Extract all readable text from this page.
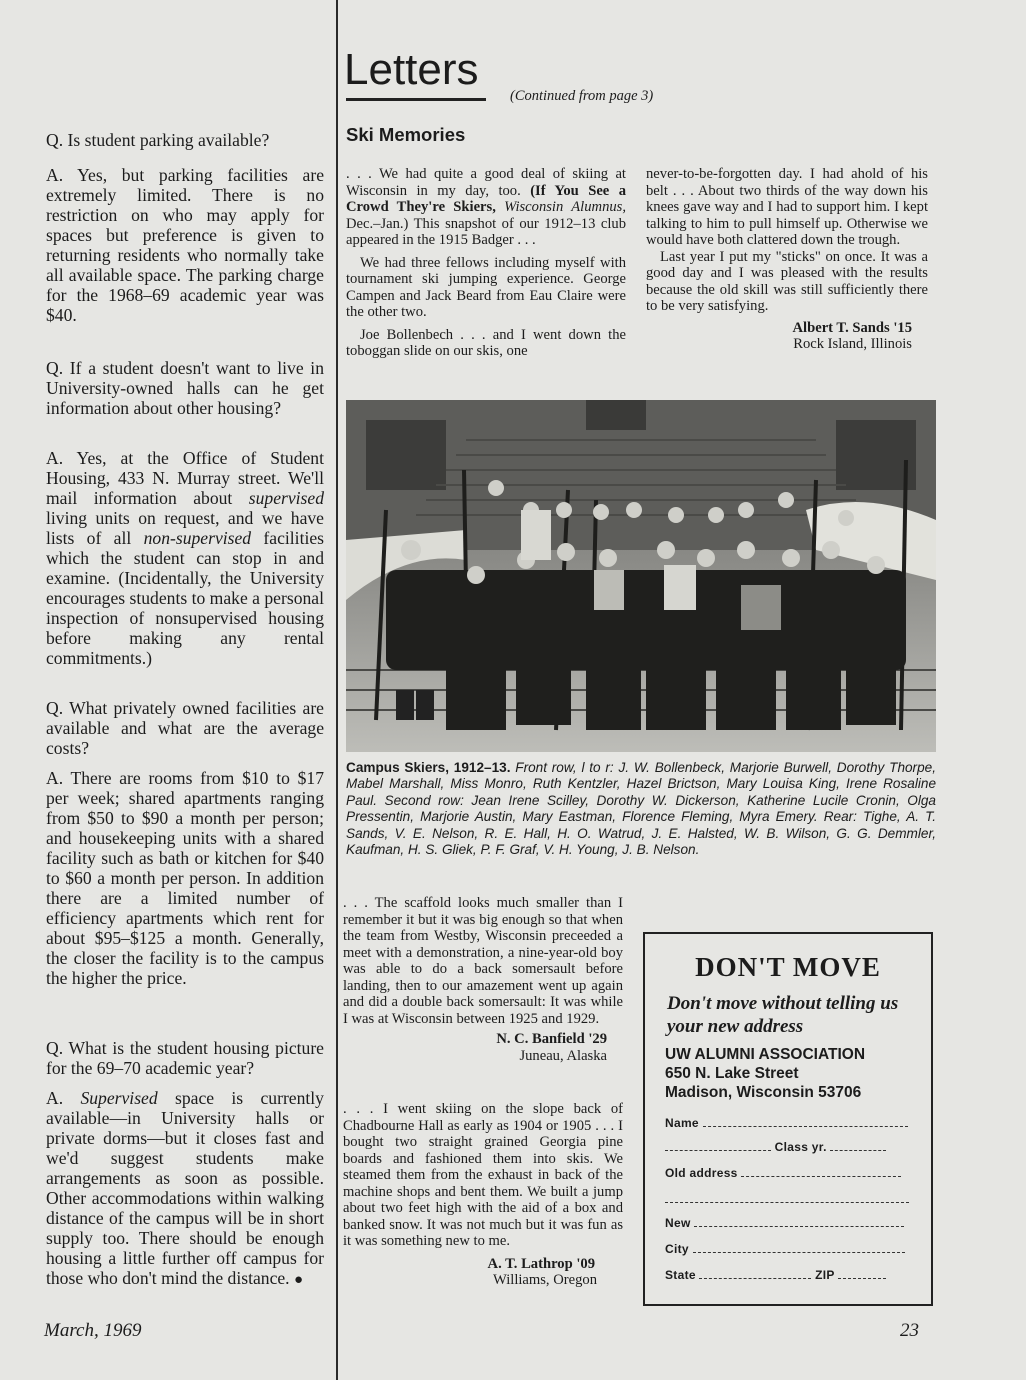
Letters
(Continued from page 3)
Ski Memories

Q. Is student parking available?

A. Yes, but parking facilities are extremely limited. There is no restriction on who may apply for spaces but preference is given to returning residents who normally take all available space. The parking charge for the 1968–69 academic year was $40.

Q. If a student doesn't want to live in University-owned halls can he get information about other housing?

A. Yes, at the Office of Student Housing, 433 N. Murray street. We'll mail information about supervised living units on request, and we have lists of all non-supervised facilities which the student can stop in and examine. (Incidentally, the University encourages students to make a personal inspection of nonsupervised housing before making any rental commitments.)

Q. What privately owned facilities are available and what are the average costs?

A. There are rooms from $10 to $17 per week; shared apartments ranging from $50 to $90 a month per person; and housekeeping units with a shared facility such as bath or kitchen for $40 to $60 a month per person. In addition there are a limited number of efficiency apartments which rent for about $95–$125 a month. Generally, the closer the facility is to the campus the higher the price.

Q. What is the student housing picture for the 69–70 academic year?

A. Supervised space is currently available—in University halls or private dorms—but it closes fast and we'd suggest students make arrangements as soon as possible. Other accommodations within walking distance of the campus will be in short supply too. There should be enough housing a little further off campus for those who don't mind the distance. ●

. . . We had quite a good deal of skiing at Wisconsin in my day, too. (If You See a Crowd They're Skiers, Wisconsin Alumnus, Dec.–Jan.) This snapshot of our 1912–13 club appeared in the 1915 Badger . . .

We had three fellows including myself with tournament ski jumping experience. George Campen and Jack Beard from Eau Claire were the other two.

Joe Bollenbech . . . and I went down the toboggan slide on our skis, one

never-to-be-forgotten day. I had ahold of his belt . . . About two thirds of the way down his knees gave way and I had to support him. I kept talking to him to pull himself up. Otherwise we would have both clattered down the trough.

Last year I put my "sticks" on once. It was a good day and I was pleased with the results because the old skill was still sufficiently there to be very satisfying.

Albert T. Sands '15

Rock Island, Illinois

Campus Skiers, 1912–13. Front row, l to r: J. W. Bollenbeck, Marjorie Burwell, Dorothy Thorpe, Mabel Marshall, Miss Monro, Ruth Kentzler, Hazel Brictson, Mary Louisa King, Irene Rosaline Paul. Second row: Jean Irene Scilley, Dorothy W. Dickerson, Katherine Lucile Cronin, Olga Pressentin, Marjorie Austin, Mary Eastman, Florence Fleming, Myra Emery. Rear: Tighe, A. T. Sands, V. E. Nelson, R. E. Hall, H. O. Watrud, J. E. Halsted, W. B. Wilson, G. G. Demmler, Kaufman, H. S. Gliek, P. F. Graf, V. H. Young, J. B. Nelson.

. . . The scaffold looks much smaller than I remember it but it was big enough so that when the team from Westby, Wisconsin preceeded a meet with a demonstration, a nine-year-old boy was able to do a back somersault before landing, then to our amazement went up again and did a double back somersault: It was while I was at Wisconsin between 1925 and 1929.

N. C. Banfield '29

Juneau, Alaska

. . . I went skiing on the slope back of Chadbourne Hall as early as 1904 or 1905 . . . I bought two straight grained Georgia pine boards and fashioned them into skis. We steamed them from the exhaust in back of the machine shops and bent them. We built a jump about two feet high with the aid of a box and banked snow. It was not much but it was fun as it was something new to me.

A. T. Lathrop '09

Williams, Oregon

DON'T MOVE
Don't move without telling us your new address
UW ALUMNI ASSOCIATION
650 N. Lake Street
Madison, Wisconsin 53706
Name
Class yr.
Old address
New
City
State	ZIP
March, 1969	23
